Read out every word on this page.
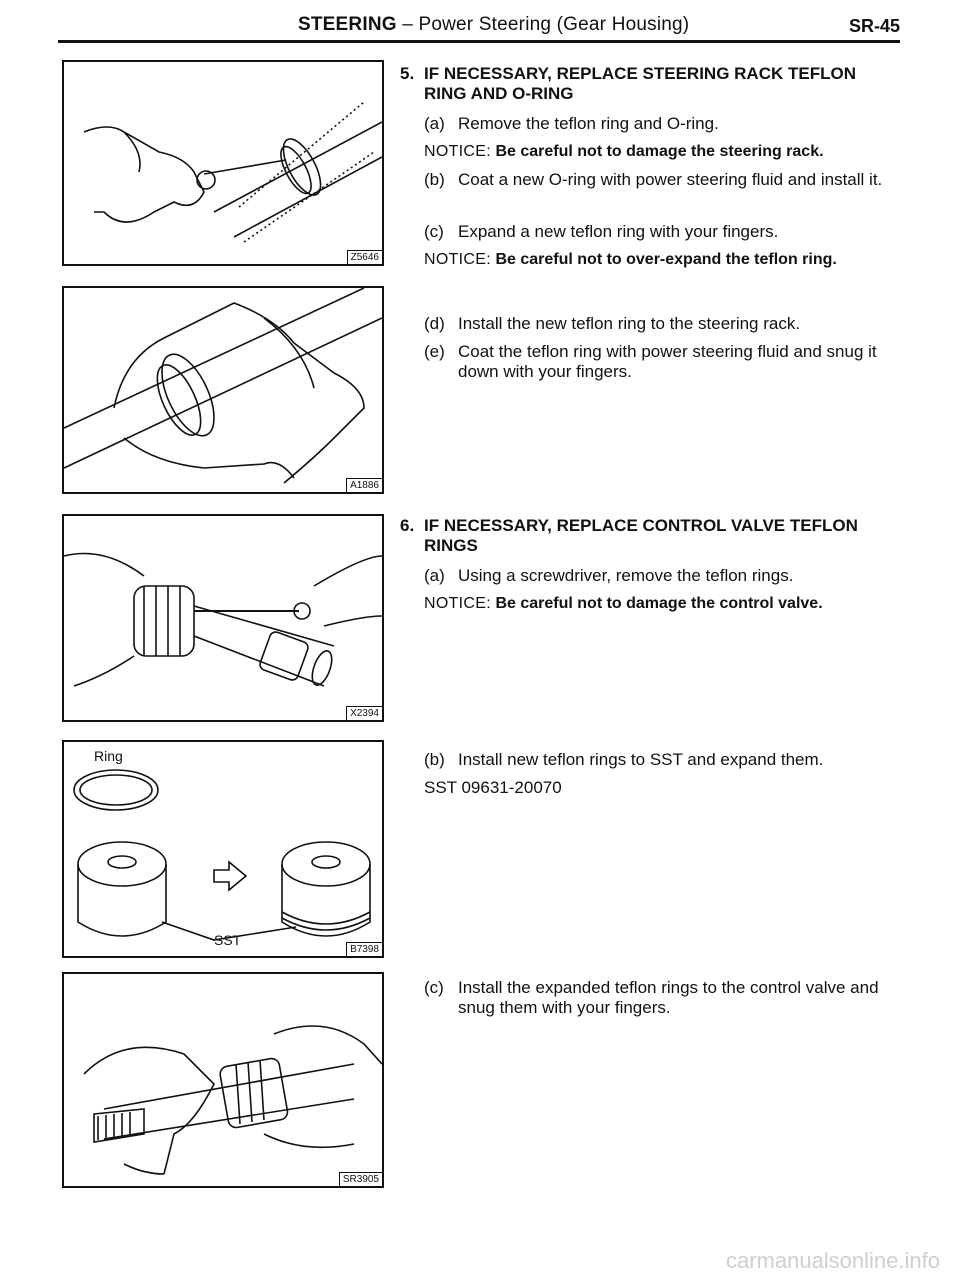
STEERING – Power Steering (Gear Housing)	SR-45
Z5646
A1886
X2394
Ring
SST
B7398
SR3905
5. IF NECESSARY, REPLACE STEERING RACK TEFLON RING AND O-RING
(a) Remove the teflon ring and O-ring.
NOTICE: Be careful not to damage the steering rack.
(b) Coat a new O-ring with power steering fluid and install it.
(c) Expand a new teflon ring with your fingers.
NOTICE: Be careful not to over-expand the teflon ring.
(d) Install the new teflon ring to the steering rack.
(e) Coat the teflon ring with power steering fluid and snug it down with your fingers.
6. IF NECESSARY, REPLACE CONTROL VALVE TEFLON RINGS
(a) Using a screwdriver, remove the teflon rings.
NOTICE: Be careful not to damage the control valve.
(b) Install new teflon rings to SST and expand them.
SST 09631-20070
(c) Install the expanded teflon rings to the control valve and snug them with your fingers.
carmanualsonline.info
